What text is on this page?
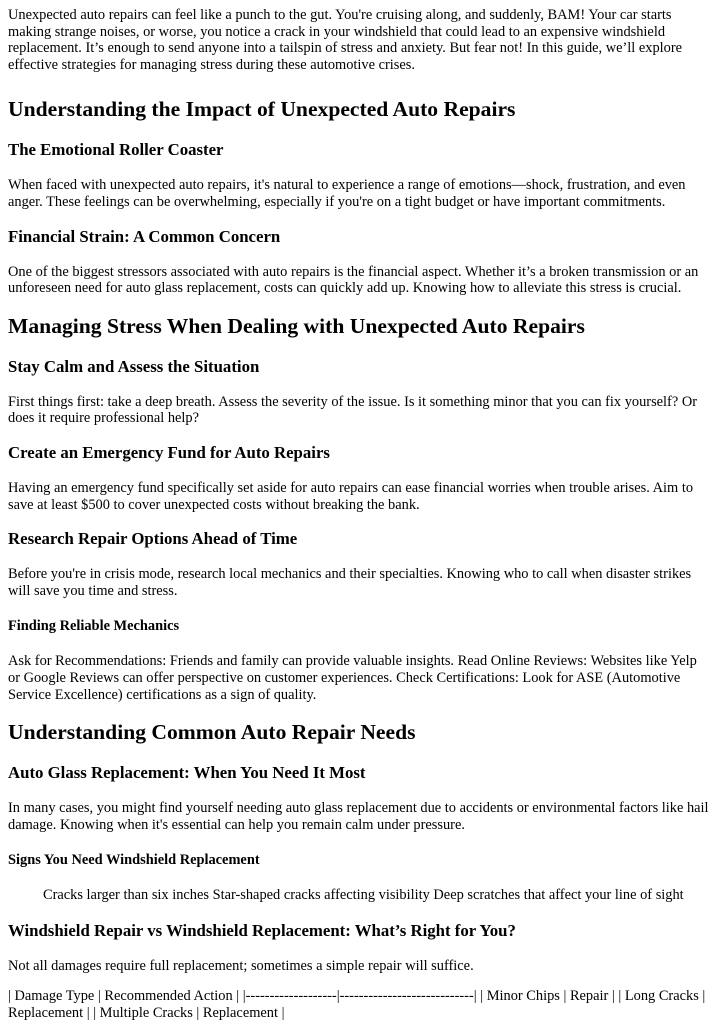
Unexpected auto repairs can feel like a punch to the gut. You're cruising along, and suddenly, BAM! Your car starts making strange noises, or worse, you notice a crack in your windshield that could lead to an expensive windshield replacement. It’s enough to send anyone into a tailspin of stress and anxiety. But fear not! In this guide, we’ll explore effective strategies for managing stress during these automotive crises.

Understanding the Impact of Unexpected Auto Repairs
The Emotional Roller Coaster

When faced with unexpected auto repairs, it's natural to experience a range of emotions—shock, frustration, and even anger. These feelings can be overwhelming, especially if you're on a tight budget or have important commitments.

Financial Strain: A Common Concern

One of the biggest stressors associated with auto repairs is the financial aspect. Whether it’s a broken transmission or an unforeseen need for auto glass replacement, costs can quickly add up. Knowing how to alleviate this stress is crucial.

Managing Stress When Dealing with Unexpected Auto Repairs
Stay Calm and Assess the Situation

First things first: take a deep breath. Assess the severity of the issue. Is it something minor that you can fix yourself? Or does it require professional help?

Create an Emergency Fund for Auto Repairs

Having an emergency fund specifically set aside for auto repairs can ease financial worries when trouble arises. Aim to save at least $500 to cover unexpected costs without breaking the bank.

Research Repair Options Ahead of Time

Before you're in crisis mode, research local mechanics and their specialties. Knowing who to call when disaster strikes will save you time and stress.

Finding Reliable Mechanics

Ask for Recommendations: Friends and family can provide valuable insights. Read Online Reviews: Websites like Yelp or Google Reviews can offer perspective on customer experiences. Check Certifications: Look for ASE (Automotive Service Excellence) certifications as a sign of quality.

Understanding Common Auto Repair Needs
Auto Glass Replacement: When You Need It Most

In many cases, you might find yourself needing auto glass replacement due to accidents or environmental factors like hail damage. Knowing when it's essential can help you remain calm under pressure.

Signs You Need Windshield Replacement

Cracks larger than six inches Star-shaped cracks affecting visibility Deep scratches that affect your line of sight

Windshield Repair vs Windshield Replacement: What’s Right for You?

Not all damages require full replacement; sometimes a simple repair will suffice.

| Damage Type | Recommended Action | |-------------------|----------------------------| | Minor Chips | Repair | | Long Cracks | Replacement | | Multiple Cracks | Replacement |
